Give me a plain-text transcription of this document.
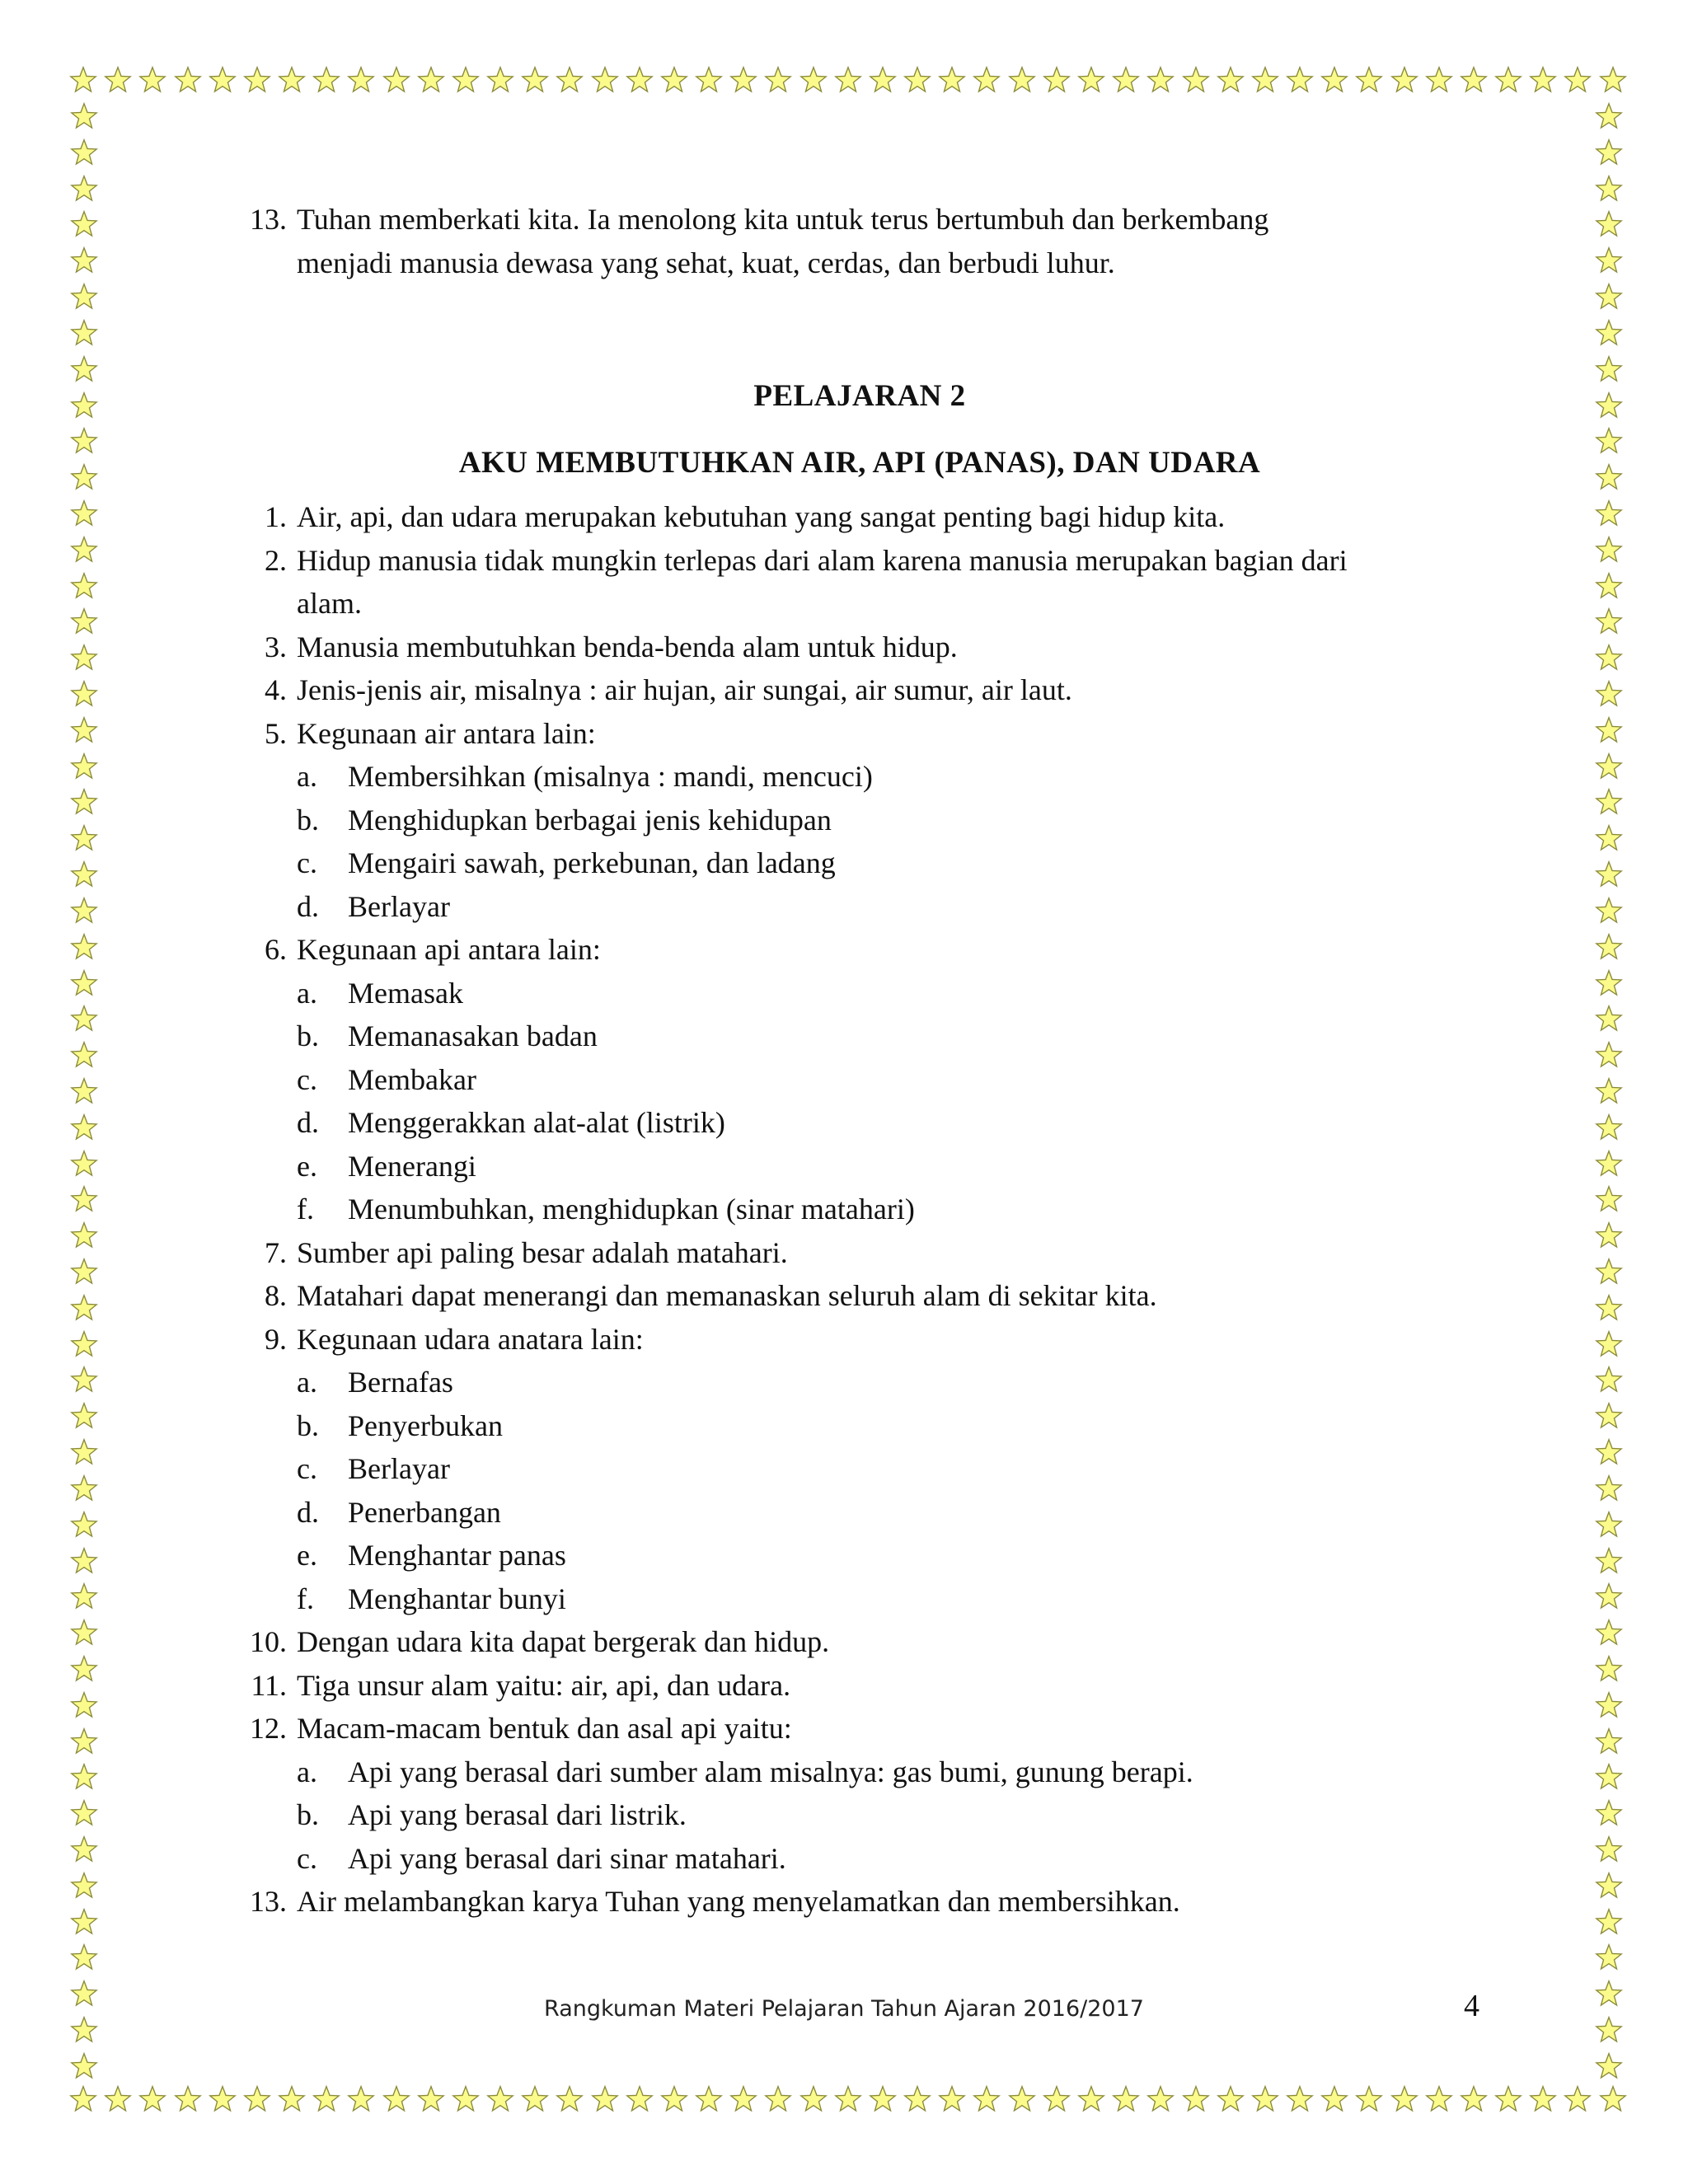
13. Tuhan memberkati kita. Ia menolong kita untuk terus bertumbuh dan berkembang
menjadi manusia dewasa yang sehat, kuat, cerdas, dan berbudi luhur.
PELAJARAN 2
AKU MEMBUTUHKAN AIR, API (PANAS), DAN UDARA
1. Air, api, dan udara merupakan kebutuhan yang sangat penting bagi hidup kita.
2. Hidup manusia tidak mungkin terlepas dari alam karena manusia merupakan bagian dari
alam.
3. Manusia membutuhkan benda-benda alam untuk hidup.
4. Jenis-jenis air, misalnya : air hujan, air sungai, air sumur, air laut.
5. Kegunaan air antara lain:
a. Membersihkan (misalnya : mandi, mencuci)
b. Menghidupkan berbagai jenis kehidupan
c. Mengairi sawah, perkebunan, dan ladang
d. Berlayar
6. Kegunaan api antara lain:
a. Memasak
b. Memanasakan badan
c. Membakar
d. Menggerakkan alat-alat (listrik)
e. Menerangi
f. Menumbuhkan, menghidupkan (sinar matahari)
7. Sumber api paling besar adalah matahari.
8. Matahari dapat menerangi dan memanaskan seluruh alam di sekitar kita.
9. Kegunaan udara anatara lain:
a. Bernafas
b. Penyerbukan
c. Berlayar
d. Penerbangan
e. Menghantar panas
f. Menghantar bunyi
10. Dengan udara kita dapat bergerak dan hidup.
11. Tiga unsur alam yaitu: air, api, dan udara.
12. Macam-macam bentuk dan asal api yaitu:
a. Api yang berasal dari sumber alam misalnya: gas bumi, gunung berapi.
b. Api yang berasal dari listrik.
c. Api yang berasal dari sinar matahari.
13. Air melambangkan karya Tuhan yang menyelamatkan dan membersihkan.
Rangkuman Materi Pelajaran Tahun Ajaran 2016/2017	4
